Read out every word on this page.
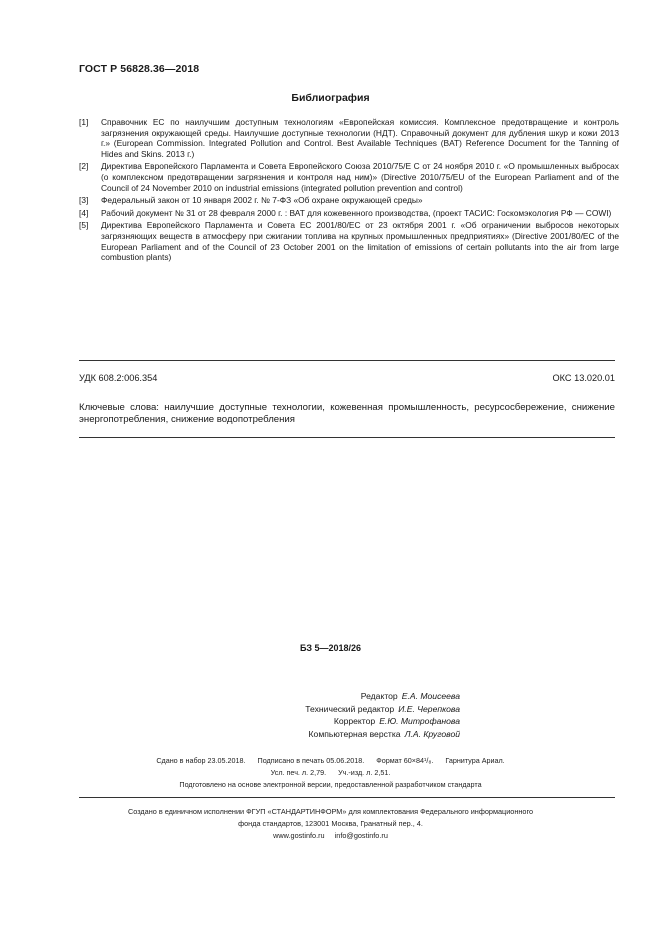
ГОСТ Р 56828.36—2018
Библиография
[1]	Справочник ЕС по наилучшим доступным технологиям «Европейская комиссия. Комплексное предотвращение и контроль загрязнения окружающей среды. Наилучшие доступные технологии (НДТ). Справочный документ для дубления шкур и кожи 2013 г.» (European Commission. Integrated Pollution and Control. Best Available Techniques (BAT) Reference Document for the Tanning of Hides and Skins. 2013 г.)
[2]	Директива Европейского Парламента и Совета Европейского Союза 2010/75/Е С от 24 ноября 2010 г. «О промышленных выбросах (о комплексном предотвращении загрязнения и контроля над ним)» (Directive 2010/75/EU of the European Parliament and of the Council of 24 November 2010 on industrial emissions (integrated pollution prevention and control)
[3]	Федеральный закон от 10 января 2002 г. № 7-ФЗ «Об охране окружающей среды»
[4]	Рабочий документ № 31 от 28 февраля 2000 г. : ВАТ для кожевенного производства, (проект ТАСИС: Госкомэкология РФ — COWI)
[5]	Директива Европейского Парламента и Совета ЕС 2001/80/ЕС от 23 октября 2001 г. «Об ограничении выбросов некоторых загрязняющих веществ в атмосферу при сжигании топлива на крупных промышленных предприятиях» (Directive 2001/80/EC of the European Parliament and of the Council of 23 October 2001 on the limitation of emissions of certain pollutants into the air from large combustion plants)
УДК 608.2:006.354	ОКС 13.020.01
Ключевые слова: наилучшие доступные технологии, кожевенная промышленность, ресурсосбережение, снижение энергопотребления, снижение водопотребления
БЗ 5—2018/26
Редактор Е.А. Моисеева
Технический редактор И.Е. Черепкова
Корректор Е.Ю. Митрофанова
Компьютерная верстка Л.А. Круговой
Сдано в набор 23.05.2018. Подписано в печать 05.06.2018. Формат 60×84¹/₈. Гарнитура Ариал.
Усл. печ. л. 2,79. Уч.-изд. л. 2,51.
Подготовлено на основе электронной версии, предоставленной разработчиком стандарта
Создано в единичном исполнении ФГУП «СТАНДАРТИНФОРМ» для комплектования Федерального информационного
фонда стандартов, 123001 Москва, Гранатный пер., 4.
www.gostinfo.ru info@gostinfo.ru
